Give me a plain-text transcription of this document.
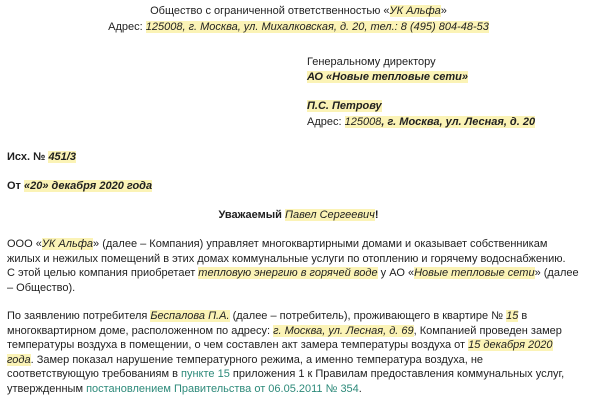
Общество с ограниченной ответственностью «УК Альфа»
Адрес: 125008, г. Москва, ул. Михалковская, д. 20, тел.: 8 (495) 804-48-53
Генеральному директору
АО «Новые тепловые сети»
П.С. Петрову
Адрес: 125008, г. Москва, ул. Лесная, д. 20
Исх. № 451/3
От «20» декабря 2020 года
Уважаемый Павел Сергеевич!
ООО «УК Альфа» (далее – Компания) управляет многоквартирными домами и оказывает собственникам
жилых и нежилых помещений в этих домах коммунальные услуги по отоплению и горячему водоснабжению.
С этой целью компания приобретает тепловую энергию в горячей воде у АО «Новые тепловые сети» (далее
– Общество).
По заявлению потребителя Беспалова П.А. (далее – потребитель), проживающего в квартире № 15 в
многоквартирном доме, расположенном по адресу: г. Москва, ул. Лесная, д. 69, Компанией проведен замер
температуры воздуха в помещении, о чем составлен акт замера температуры воздуха от 15 декабря 2020
года. Замер показал нарушение температурного режима, а именно температура воздуха, не
соответствующую требованиям в пункте 15 приложения 1 к Правилам предоставления коммунальных услуг,
утвержденным постановлением Правительства от 06.05.2011 № 354.
